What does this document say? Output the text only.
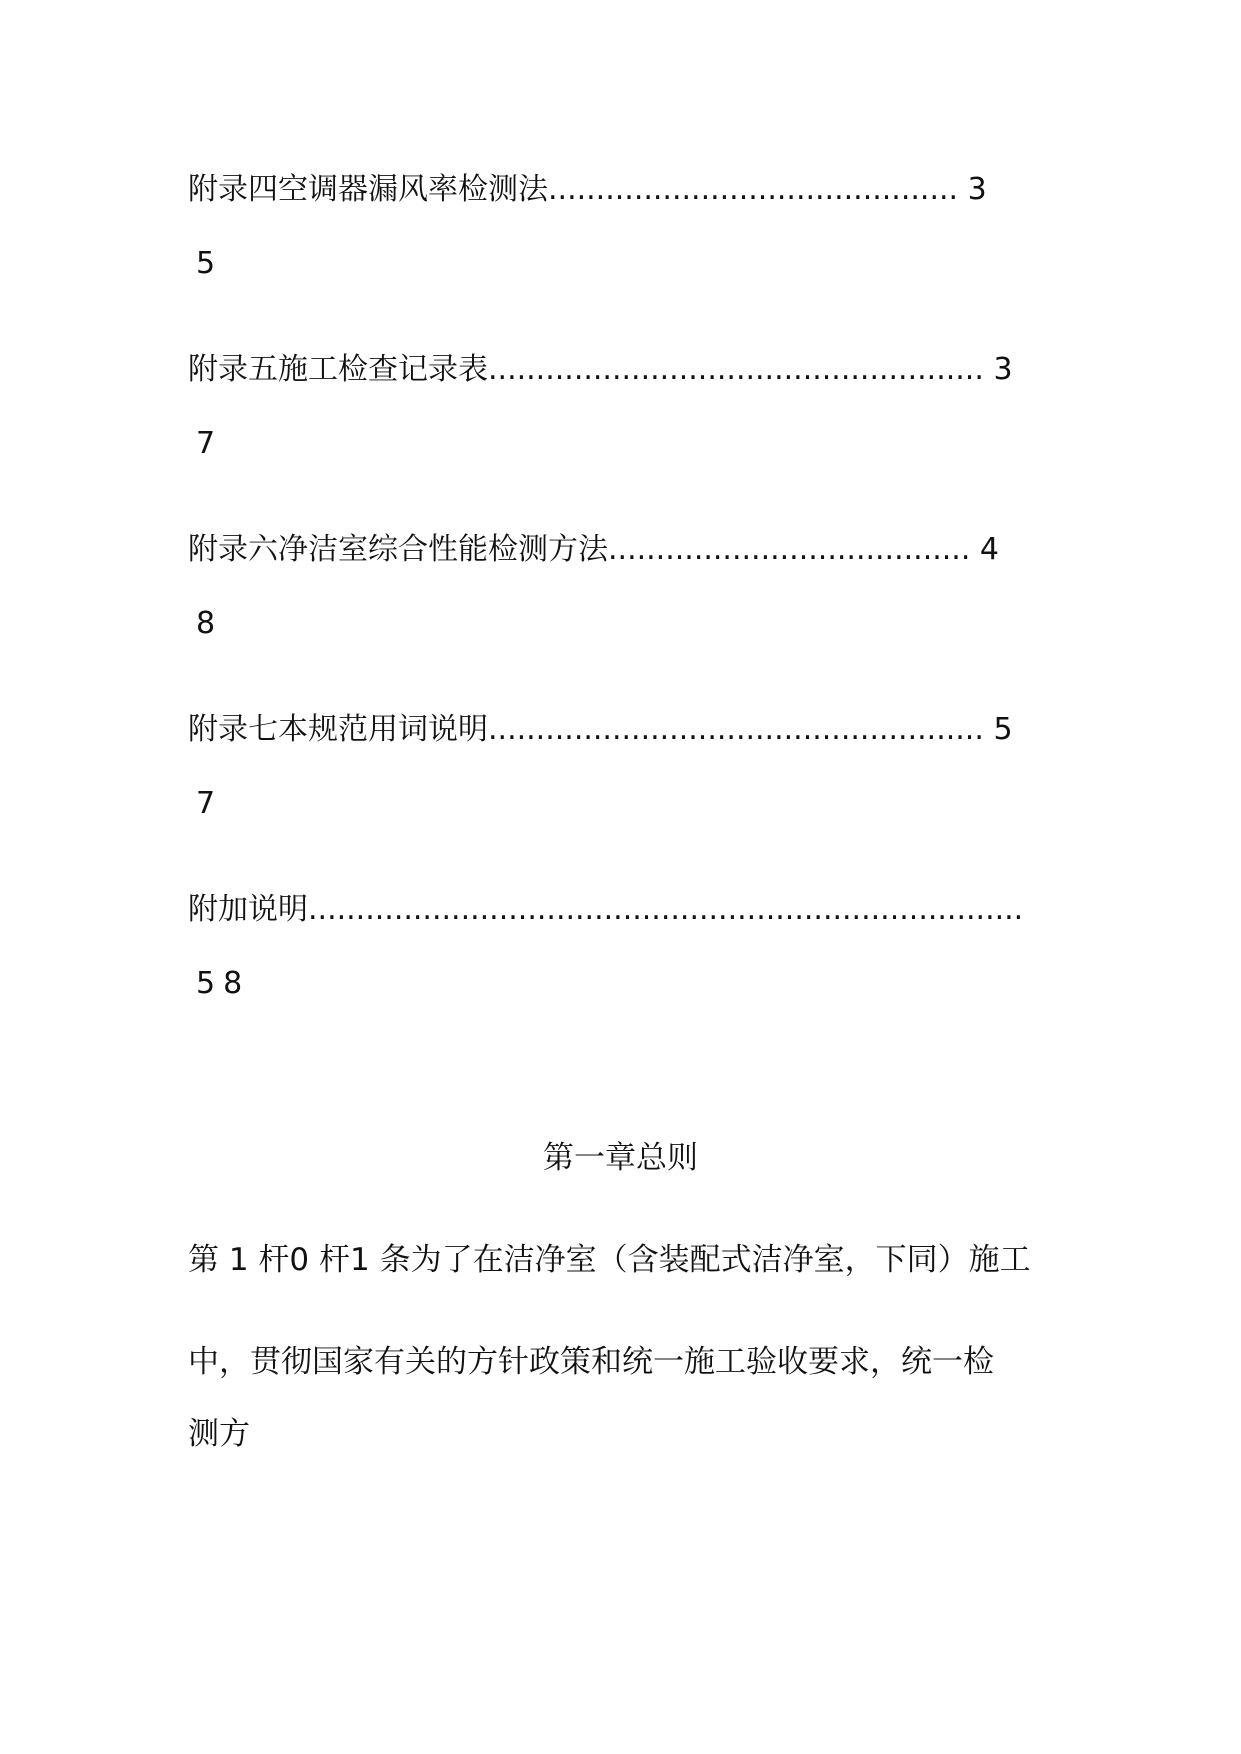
附录四空调器漏风率检测法........................................... 3
5
附录五施工检查记录表.................................................... 3
7
附录六净洁室综合性能检测方法...................................... 4
8
附录七本规范用词说明.................................................... 5
7
附加说明...........................................................................
58
第一章总则
第 1 杆0 杆1 条为了在洁净室（含装配式洁净室，下同）施工
中，贯彻国家有关的方针政策和统一施工验收要求，统一检
测方
